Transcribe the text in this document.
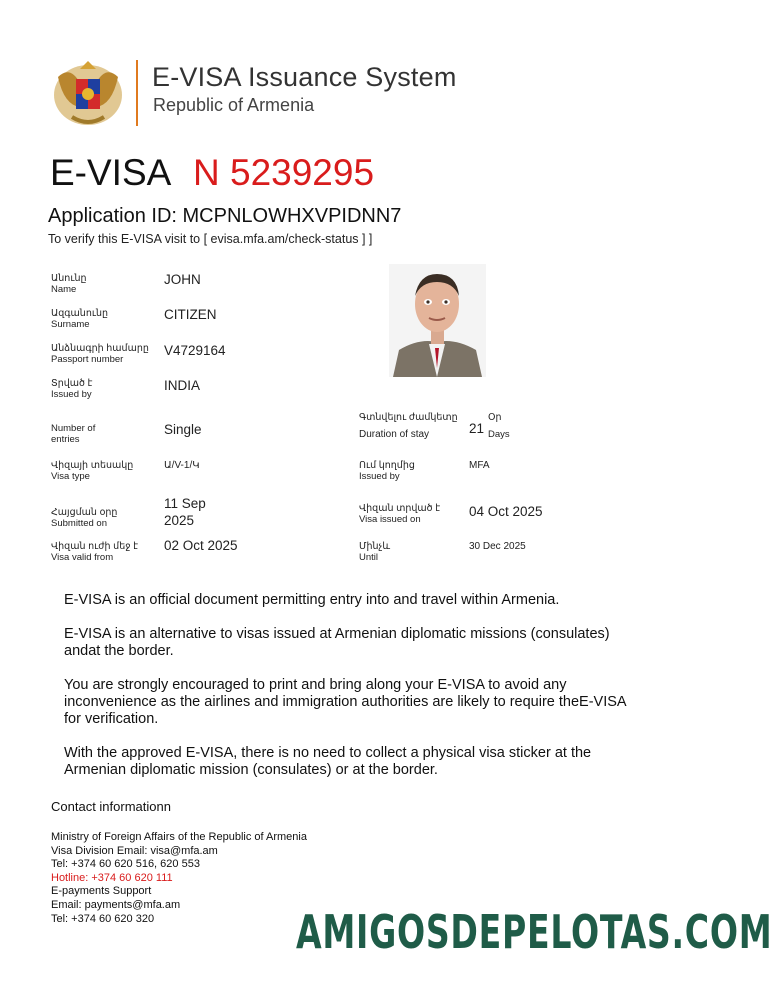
E-VISA Issuance System
Republic of Armenia
E-VISA N 5239295
Application ID: MCPNLOWHXVPIDNN7
To verify this E-VISA visit to [ evisa.mfa.am/check-status ] ]
Անունը
Name
JOHN
Ազգանունը
Surname
CITIZEN
Անձնագրի համարը
Passport number
V4729164
Տրված է
Issued by
INDIA
Number of
entries
Single
Վիզայի տեսակը
Visa type
Ա/V-1/Կ
Հայցման օրը
Submitted on
11 Sep
2025
Վիզան ուժի մեջ է
Visa valid from
02 Oct 2025
Գտնվելու ժամկետը
Duration of stay	21
Օր
Days
Ում կողմից
Issued by
MFA
Վիզան տրված է
Visa issued on
04 Oct 2025
Մինչև
Until
30 Dec 2025
E-VISA is an official document permitting entry into and travel within Armenia.
E-VISA is an alternative to visas issued at Armenian diplomatic missions (consulates) andat the border.
You are strongly encouraged to print and bring along your E-VISA to avoid any inconvenience as the airlines and immigration authorities are likely to require theE-VISA for verification.
With the approved E-VISA, there is no need to collect a physical visa sticker at the Armenian diplomatic mission (consulates) or at the border.
Contact informationn
Ministry of Foreign Affairs of the Republic of Armenia
Visa Division Email: visa@mfa.am
Tel: +374 60 620 516, 620 553
Hotline: +374 60 620 111
E-payments Support
Email: payments@mfa.am
Tel: +374 60 620 320	AMIGOSDEPELOTAS.COM
